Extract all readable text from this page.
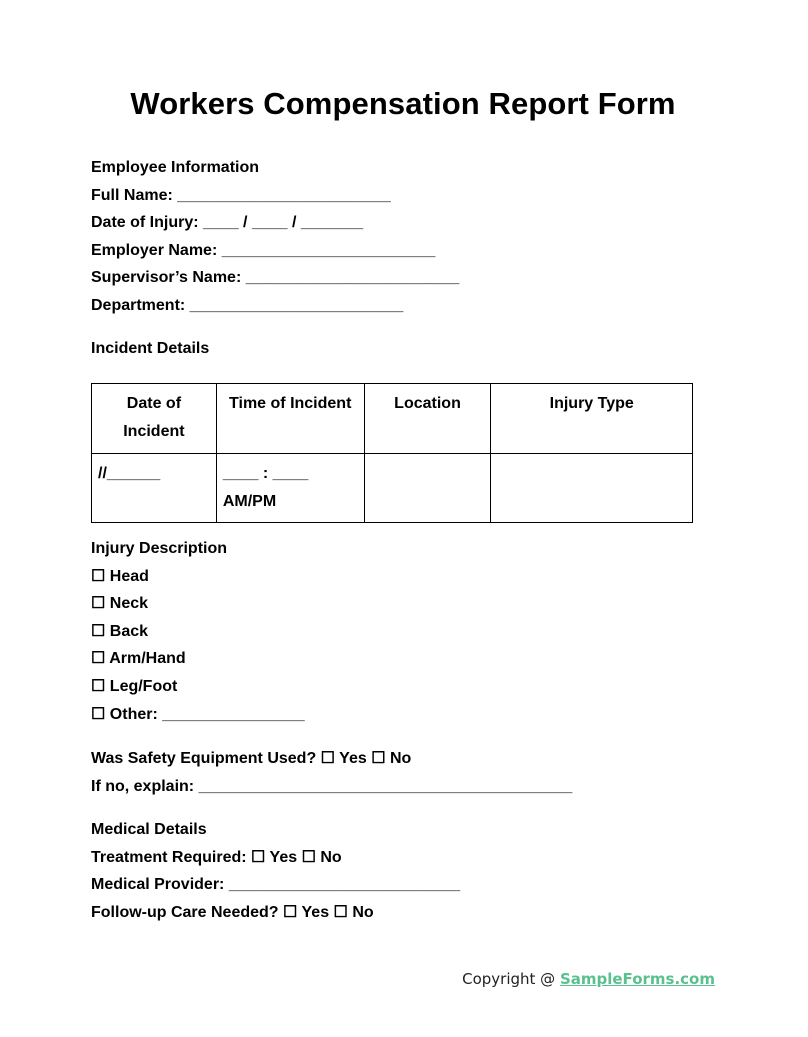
Workers Compensation Report Form
Employee Information
Full Name: ________________________
Date of Injury: ____ / ____ / _______
Employer Name: ________________________
Supervisor’s Name: ________________________
Department: ________________________
Incident Details
Date of Incident	Time of Incident	Location	Injury Type
//______	____ : ____
AM/PM		

Injury Description
☐ Head
☐ Neck
☐ Back
☐ Arm/Hand
☐ Leg/Foot
☐ Other: ________________
Was Safety Equipment Used? ☐ Yes ☐ No
If no, explain: __________________________________________
Medical Details
Treatment Required: ☐ Yes ☐ No
Medical Provider: __________________________
Follow-up Care Needed? ☐ Yes ☐ No
Copyright @ SampleForms.com
